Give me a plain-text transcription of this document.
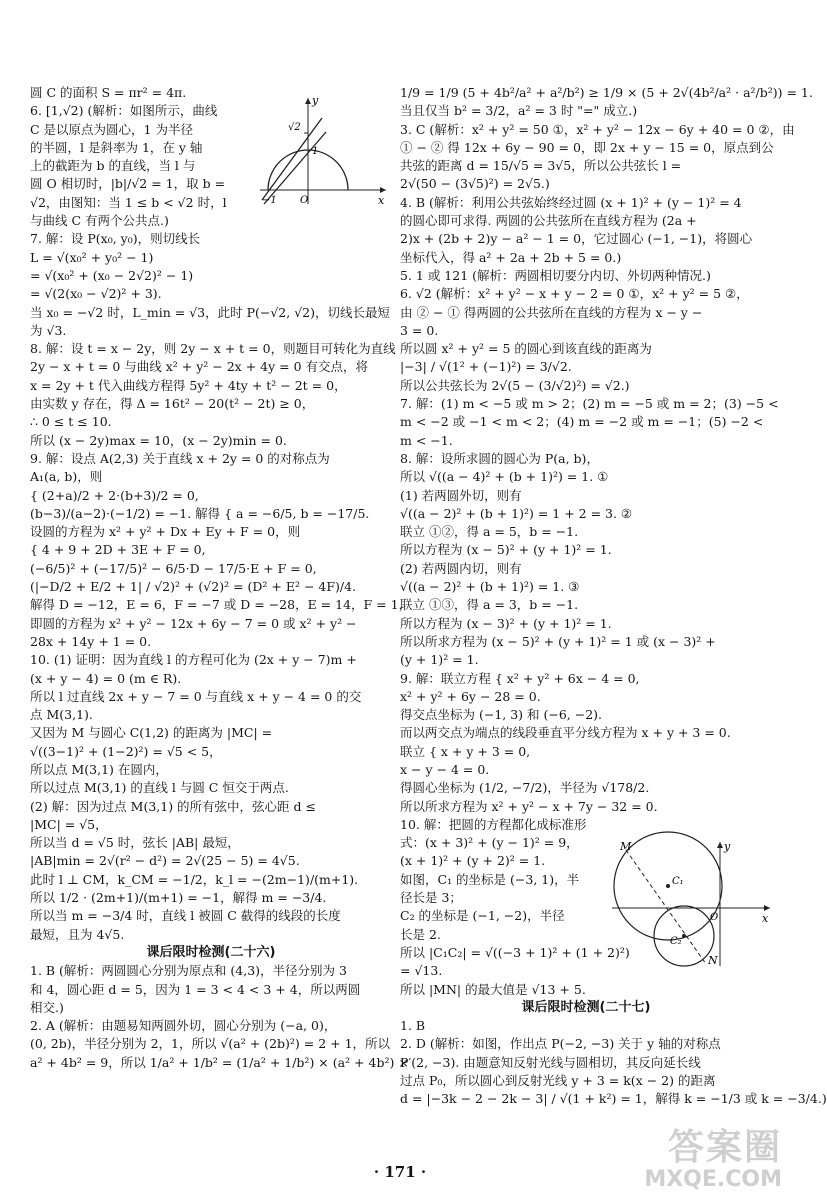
圆 C 的面积 S = πr² = 4π.
6. [1,√2) (解析：如图所示，曲线
C 是以原点为圆心，1 为半径
的半圆，l 是斜率为 1，在 y 轴
上的截距为 b 的直线，当 l 与
圆 O 相切时，|b|/√2 = 1，取 b =
√2，由图知：当 1 ≤ b < √2 时，l
与曲线 C 有两个公共点.)
7. 解：设 P(x₀, y₀)，则切线长
L = √(x₀² + y₀² − 1)
= √(x₀² + (x₀ − 2√2)² − 1)
= √(2(x₀ − √2)² + 3).
当 x₀ = −√2 时，L_min = √3，此时 P(−√2, √2)，切线长最短
为 √3.
8. 解：设 t = x − 2y，则 2y − x + t = 0，则题目可转化为直线
2y − x + t = 0 与曲线 x² + y² − 2x + 4y = 0 有交点，将
x = 2y + t 代入曲线方程得 5y² + 4ty + t² − 2t = 0，
由实数 y 存在，得 Δ = 16t² − 20(t² − 2t) ≥ 0，
∴ 0 ≤ t ≤ 10.
所以 (x − 2y)max = 10，(x − 2y)min = 0.
9. 解：设点 A(2,3) 关于直线 x + 2y = 0 的对称点为
A₁(a, b)，则
{ (2+a)/2 + 2·(b+3)/2 = 0,
(b−3)/(a−2)·(−1/2) = −1. 解得 { a = −6/5, b = −17/5.
设圆的方程为 x² + y² + Dx + Ey + F = 0，则
{ 4 + 9 + 2D + 3E + F = 0,
(−6/5)² + (−17/5)² − 6/5·D − 17/5·E + F = 0,
(|−D/2 + E/2 + 1| / √2)² + (√2)² = (D² + E² − 4F)/4.
解得 D = −12，E = 6，F = −7 或 D = −28，E = 14，F = 1，
即圆的方程为 x² + y² − 12x + 6y − 7 = 0 或 x² + y² −
28x + 14y + 1 = 0.
10. (1) 证明：因为直线 l 的方程可化为 (2x + y − 7)m +
(x + y − 4) = 0 (m ∈ R).
所以 l 过直线 2x + y − 7 = 0 与直线 x + y − 4 = 0 的交
点 M(3,1).
又因为 M 与圆心 C(1,2) 的距离为 |MC| =
√((3−1)² + (1−2)²) = √5 < 5，
所以点 M(3,1) 在圆内，
所以过点 M(3,1) 的直线 l 与圆 C 恒交于两点.
(2) 解：因为过点 M(3,1) 的所有弦中，弦心距 d ≤
|MC| = √5，
所以当 d = √5 时，弦长 |AB| 最短，
|AB|min = 2√(r² − d²) = 2√(25 − 5) = 4√5.
此时 l ⊥ CM，k_CM = −1/2，k_l = −(2m−1)/(m+1).
所以 1/2 · (2m+1)/(m+1) = −1，解得 m = −3/4.
所以当 m = −3/4 时，直线 l 被圆 C 截得的线段的长度
最短，且为 4√5.
课后限时检测(二十六)
1. B (解析：两圆圆心分别为原点和 (4,3)，半径分别为 3
和 4，圆心距 d = 5，因为 1 = 3 < 4 < 3 + 4，所以两圆
相交.)
2. A (解析：由题易知两圆外切，圆心分别为 (−a, 0)，
(0, 2b)，半径分别为 2，1，所以 √(a² + (2b)²) = 2 + 1，所以
a² + 4b² = 9，所以 1/a² + 1/b² = (1/a² + 1/b²) × (a² + 4b²) ×
1/9 = 1/9 (5 + 4b²/a² + a²/b²) ≥ 1/9 × (5 + 2√(4b²/a² · a²/b²)) = 1.
当且仅当 b² = 3/2，a² = 3 时 "=" 成立.)
3. C (解析：x² + y² = 50 ①，x² + y² − 12x − 6y + 40 = 0 ②，由
① − ② 得 12x + 6y − 90 = 0，即 2x + y − 15 = 0，原点到公
共弦的距离 d = 15/√5 = 3√5，所以公共弦长 l =
2√(50 − (3√5)²) = 2√5.)
4. B (解析：利用公共弦始终经过圆 (x + 1)² + (y − 1)² = 4
的圆心即可求得. 两圆的公共弦所在直线方程为 (2a +
2)x + (2b + 2)y − a² − 1 = 0，它过圆心 (−1, −1)，将圆心
坐标代入，得 a² + 2a + 2b + 5 = 0.)
5. 1 或 121 (解析：两圆相切要分内切、外切两种情况.)
6. √2 (解析：x² + y² − x + y − 2 = 0 ①，x² + y² = 5 ②，
由 ② − ① 得两圆的公共弦所在直线的方程为 x − y −
3 = 0.
所以圆 x² + y² = 5 的圆心到该直线的距离为
|−3| / √(1² + (−1)²) = 3/√2.
所以公共弦长为 2√(5 − (3/√2)²) = √2.)
7. 解：(1) m < −5 或 m > 2；(2) m = −5 或 m = 2；(3) −5 <
m < −2 或 −1 < m < 2；(4) m = −2 或 m = −1；(5) −2 <
m < −1.
8. 解：设所求圆的圆心为 P(a, b)，
所以 √((a − 4)² + (b + 1)²) = 1. ①
(1) 若两圆外切，则有
√((a − 2)² + (b + 1)²) = 1 + 2 = 3. ②
联立 ①②，得 a = 5，b = −1.
所以方程为 (x − 5)² + (y + 1)² = 1.
(2) 若两圆内切，则有
√((a − 2)² + (b + 1)²) = 1. ③
联立 ①③，得 a = 3，b = −1.
所以方程为 (x − 3)² + (y + 1)² = 1.
所以所求方程为 (x − 5)² + (y + 1)² = 1 或 (x − 3)² +
(y + 1)² = 1.
9. 解：联立方程 { x² + y² + 6x − 4 = 0,
x² + y² + 6y − 28 = 0.
得交点坐标为 (−1, 3) 和 (−6, −2).
而以两交点为端点的线段垂直平分线方程为 x + y + 3 = 0.
联立 { x + y + 3 = 0,
x − y − 4 = 0.
得圆心坐标为 (1/2, −7/2)，半径为 √178/2.
所以所求方程为 x² + y² − x + 7y − 32 = 0.
10. 解：把圆的方程都化成标准形
式：(x + 3)² + (y − 1)² = 9，
(x + 1)² + (y + 2)² = 1.
如图，C₁ 的坐标是 (−3, 1)，半
径长是 3；
C₂ 的坐标是 (−1, −2)，半径
长是 2.
所以 |C₁C₂| = √((−3 + 1)² + (1 + 2)²)
= √13.
所以 |MN| 的最大值是 √13 + 5.
课后限时检测(二十七)
1. B
2. D (解析：如图，作出点 P(−2, −3) 关于 y 轴的对称点
P′(2, −3). 由题意知反射光线与圆相切，其反向延长线
过点 P₀，所以圆心到反射光线 y + 3 = k(x − 2) 的距离
d = |−3k − 2 − 2k − 3| / √(1 + k²) = 1，解得 k = −1/3 或 k = −3/4.)
y
x
√2
1
−1 O
y
x
M
C₁
C₂
N
O
· 171 ·
答案圈
MXQE.COM
